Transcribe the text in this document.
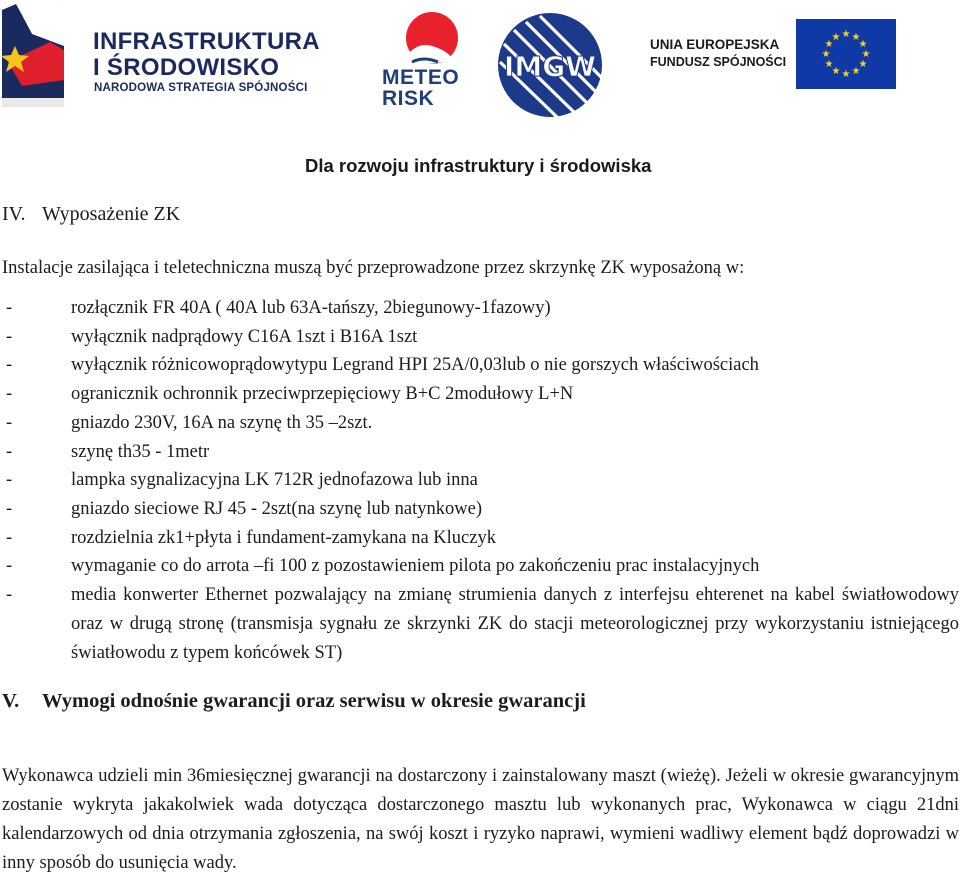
INFRASTRUKTURA
I ŚRODOWISKO
NARODOWA STRATEGIA SPÓJNOŚCI	METEO
RISK
IMGW
UNIA EUROPEJSKA
FUNDUSZ SPÓJNOŚCI
★ ★
★
★
★
★
★
★
★
★
★
★
Dla rozwoju infrastruktury i środowiska
IV. Wyposażenie ZK
Instalacje zasilająca i teletechniczna muszą być przeprowadzone przez skrzynkę ZK wyposażoną w:
-	rozłącznik FR 40A ( 40A lub 63A-tańszy, 2biegunowy-1fazowy)
-	wyłącznik nadprądowy C16A 1szt i B16A 1szt
-	wyłącznik różnicowoprądowytypu Legrand HPI 25A/0,03lub o nie gorszych właściwościach
-	ogranicznik ochronnik przeciwprzepięciowy B+C 2modułowy L+N
-	gniazdo 230V, 16A na szynę th 35 –2szt.
-	szynę th35 - 1metr
-	lampka sygnalizacyjna LK 712R jednofazowa lub inna
-	gniazdo sieciowe RJ 45 - 2szt(na szynę lub natynkowe)
-	rozdzielnia zk1+płyta i fundament-zamykana na Kluczyk
-	wymaganie co do arrota –fi 100 z pozostawieniem pilota po zakończeniu prac instalacyjnych
-	media konwerter Ethernet pozwalający na zmianę strumienia danych z interfejsu ehterenet na kabel światłowodowy oraz w drugą stronę (transmisja sygnału ze skrzynki ZK do stacji meteorologicznej przy wykorzystaniu istniejącego światłowodu z typem końcówek ST)
V. Wymogi odnośnie gwarancji oraz serwisu w okresie gwarancji

Wykonawca udzieli min 36miesięcznej gwarancji na dostarczony i zainstalowany maszt (wieżę). Jeżeli w okresie gwarancyjnym zostanie wykryta jakakolwiek wada dotycząca dostarczonego masztu lub wykonanych prac, Wykonawca w ciągu 21dni kalendarzowych od dnia otrzymania zgłoszenia, na swój koszt i ryzyko naprawi, wymieni wadliwy element bądź doprowadzi w inny sposób do usunięcia wady.
